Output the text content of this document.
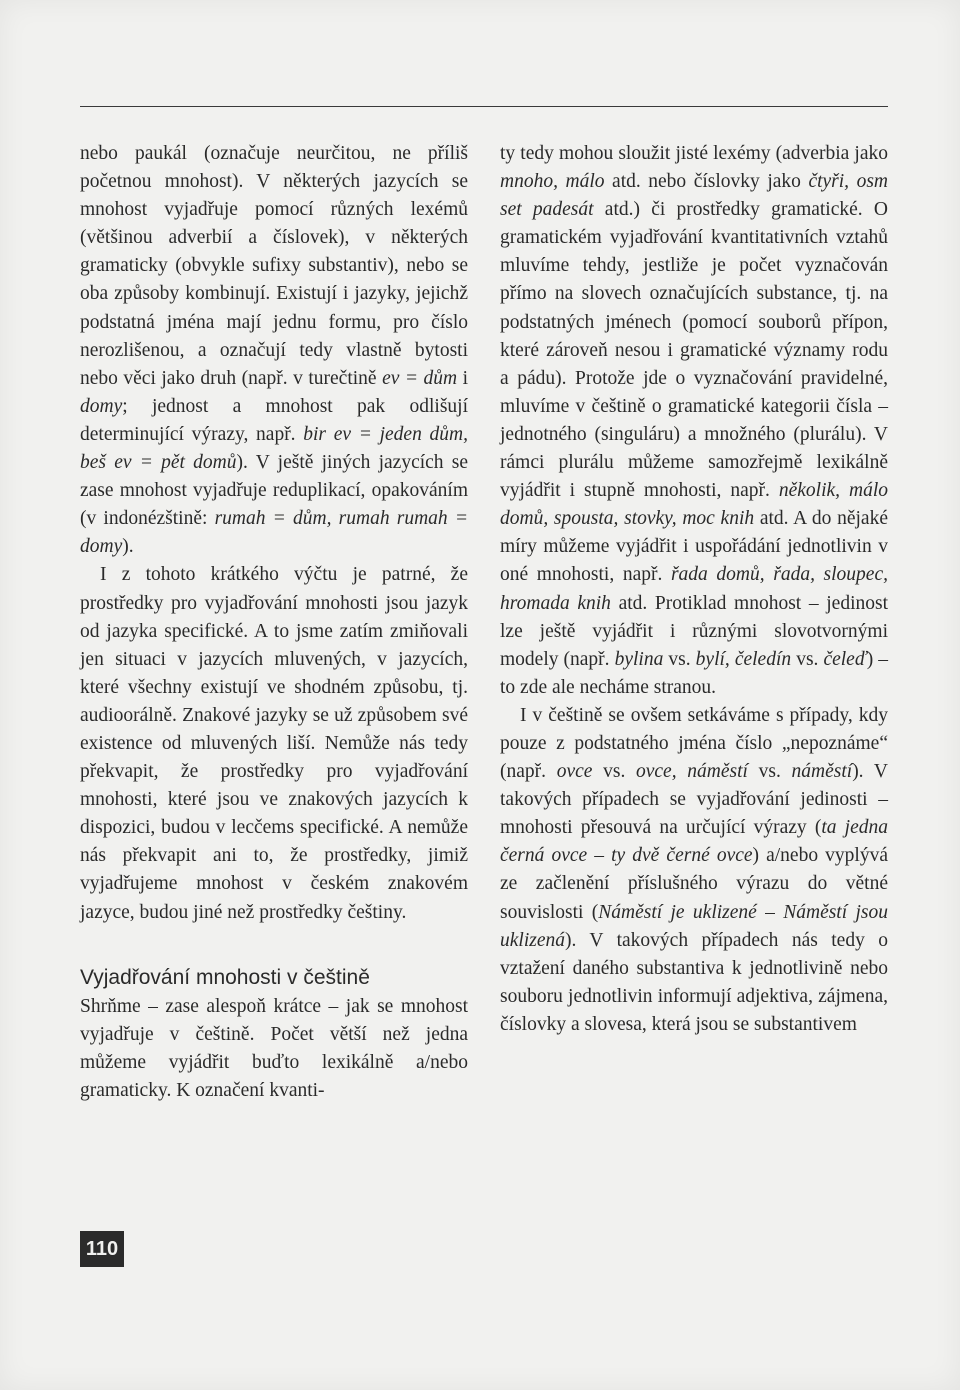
nebo paukál (označuje neurčitou, ne příliš početnou mnohost). V některých jazycích se mnohost vyjadřuje pomocí různých lexémů (většinou adverbií a číslovek), v některých gramaticky (obvykle sufixy substantiv), nebo se oba způsoby kombinují. Existují i jazyky, jejichž podstatná jména mají jednu formu, pro číslo nerozlišenou, a označují tedy vlastně bytosti nebo věci jako druh (např. v turečtině ev = dům i domy; jednost a mnohost pak odlišují determinující výrazy, např. bir ev = jeden dům, beš ev = pět domů). V ještě jiných jazycích se zase mnohost vyjadřuje reduplikací, opakováním (v indonézštině: rumah = dům, rumah rumah = domy).

I z tohoto krátkého výčtu je patrné, že prostředky pro vyjadřování mnohosti jsou jazyk od jazyka specifické. A to jsme zatím zmiňovali jen situaci v jazycích mluvených, v jazycích, které všechny existují ve shodném způsobu, tj. audioorálně. Znakové jazyky se už způsobem své existence od mluvených liší. Nemůže nás tedy překvapit, že prostředky pro vyjadřování mnohosti, které jsou ve znakových jazycích k dispozici, budou v lecčems specifické. A nemůže nás překvapit ani to, že prostředky, jimiž vyjadřujeme mnohost v českém znakovém jazyce, budou jiné než prostředky češtiny.

Vyjadřování mnohosti v češtině

Shrňme – zase alespoň krátce – jak se mnohost vyjadřuje v češtině. Počet větší než jedna můžeme vyjádřit buďto lexikálně a/nebo gramaticky. K označení kvanti-

ty tedy mohou sloužit jisté lexémy (adverbia jako mnoho, málo atd. nebo číslovky jako čtyři, osm set padesát atd.) či prostředky gramatické. O gramatickém vyjadřování kvantitativních vztahů mluvíme tehdy, jestliže je počet vyznačován přímo na slovech označujících substance, tj. na podstatných jménech (pomocí souborů přípon, které zároveň nesou i gramatické významy rodu a pádu). Protože jde o vyznačování pravidelné, mluvíme v češtině o gramatické kategorii čísla – jednotného (singuláru) a množného (plurálu). V rámci plurálu můžeme samozřejmě lexikálně vyjádřit i stupně mnohosti, např. několik, málo domů, spousta, stovky, moc knih atd. A do nějaké míry můžeme vyjádřit i uspořádání jednotlivin v oné mnohosti, např. řada domů, řada, sloupec, hromada knih atd. Protiklad mnohost – jedinost lze ještě vyjádřit i různými slovotvornými modely (např. bylina vs. bylí, čeledín vs. čeleď) – to zde ale necháme stranou.

I v češtině se ovšem setkáváme s případy, kdy pouze z podstatného jména číslo „nepoznáme“ (např. ovce vs. ovce, náměstí vs. náměstí). V takových případech se vyjadřování jedinosti – mnohosti přesouvá na určující výrazy (ta jedna černá ovce – ty dvě černé ovce) a/nebo vyplývá ze začlenění příslušného výrazu do větné souvislosti (Náměstí je uklizené – Náměstí jsou uklizená). V takových případech nás tedy o vztažení daného substantiva k jednotlivině nebo souboru jednotlivin informují adjektiva, zájmena, číslovky a slovesa, která jsou se substantivem

110
